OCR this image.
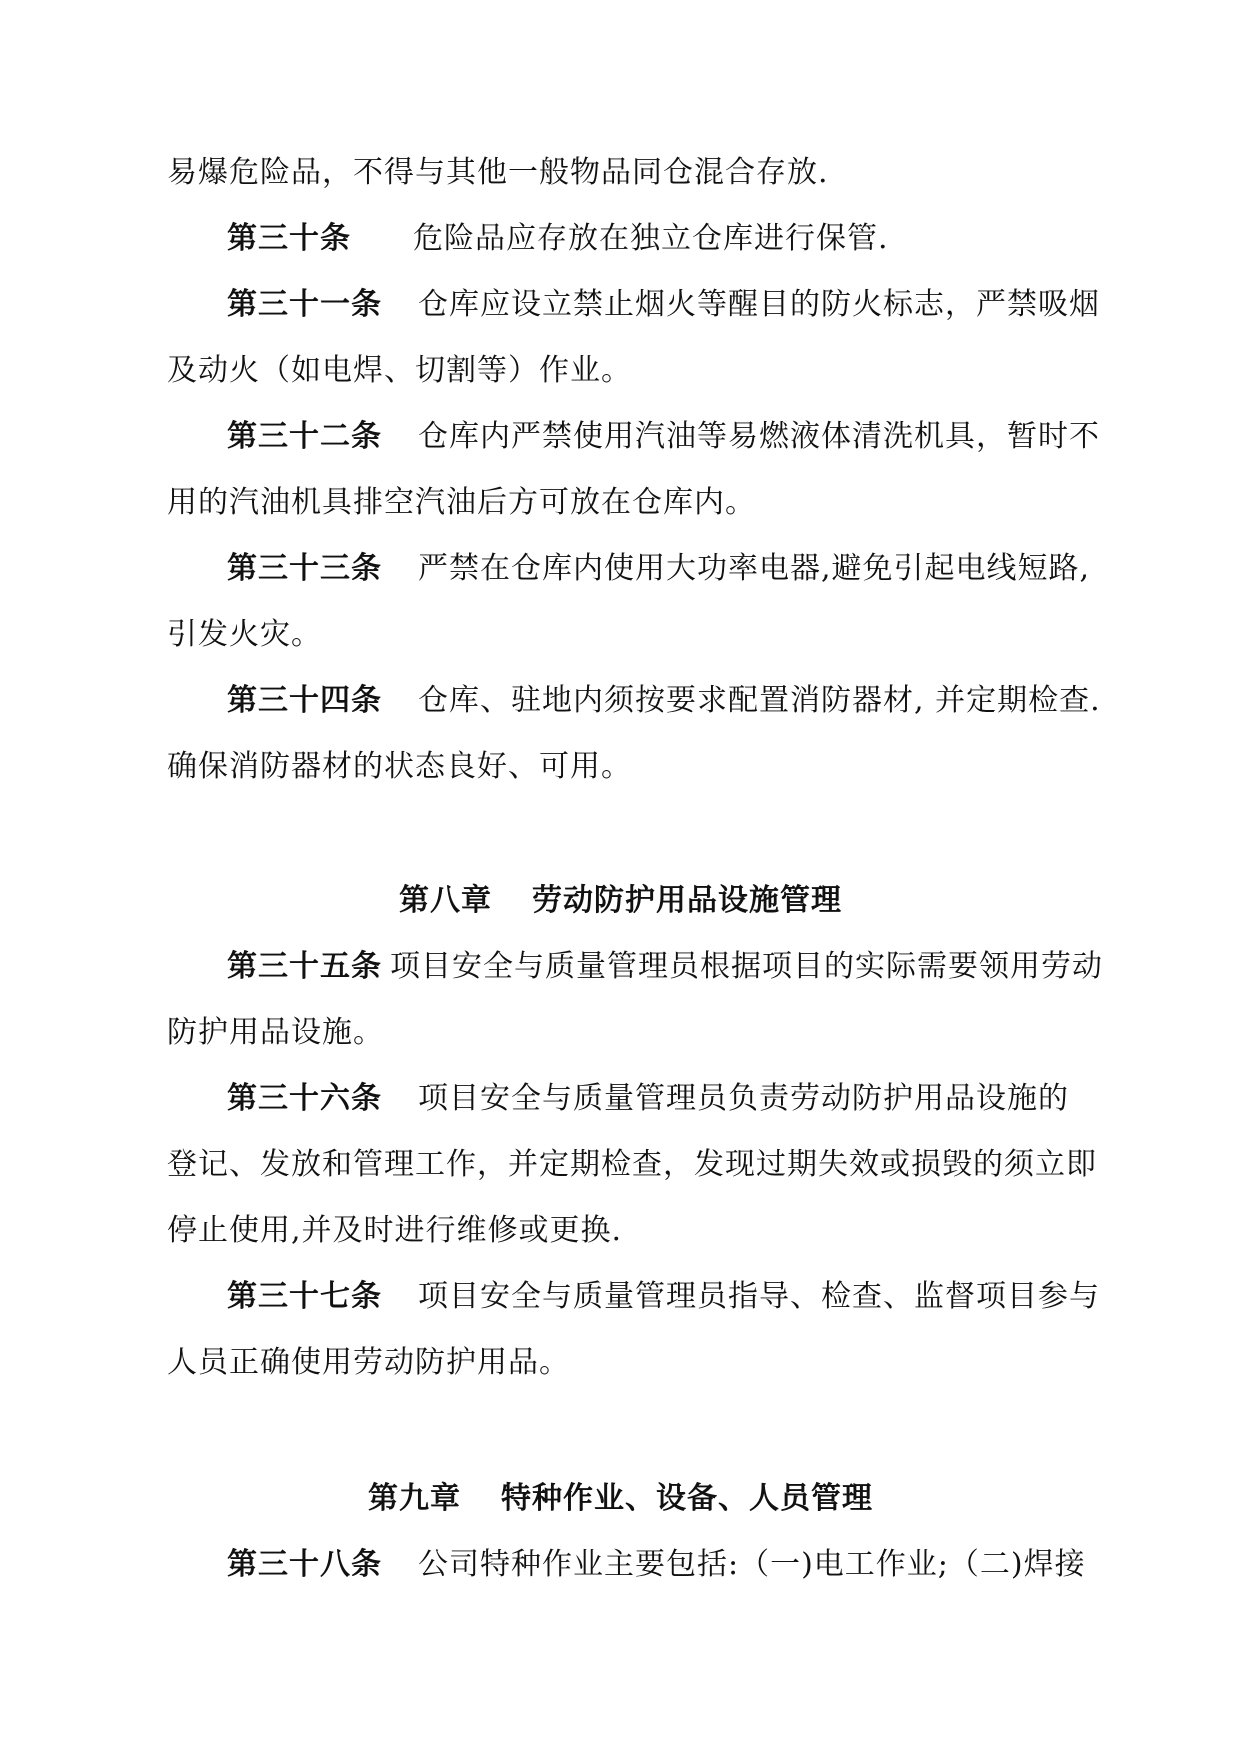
易爆危险品，不得与其他一般物品同仓混合存放.
第三十条 危险品应存放在独立仓库进行保管.
第三十一条 仓库应设立禁止烟火等醒目的防火标志，严禁吸烟
及动火（如电焊、切割等）作业。
第三十二条 仓库内严禁使用汽油等易燃液体清洗机具，暂时不
用的汽油机具排空汽油后方可放在仓库内。
第三十三条 严禁在仓库内使用大功率电器,避免引起电线短路,
引发火灾。
第三十四条 仓库、驻地内须按要求配置消防器材, 并定期检查.
确保消防器材的状态良好、可用。
第八章 劳动防护用品设施管理
第三十五条 项目安全与质量管理员根据项目的实际需要领用劳动
防护用品设施。
第三十六条 项目安全与质量管理员负责劳动防护用品设施的
登记、发放和管理工作，并定期检查，发现过期失效或损毁的须立即
停止使用,并及时进行维修或更换.
第三十七条 项目安全与质量管理员指导、检查、监督项目参与
人员正确使用劳动防护用品。
第九章 特种作业、设备、人员管理
第三十八条 公司特种作业主要包括:（一)电工作业;（二)焊接
